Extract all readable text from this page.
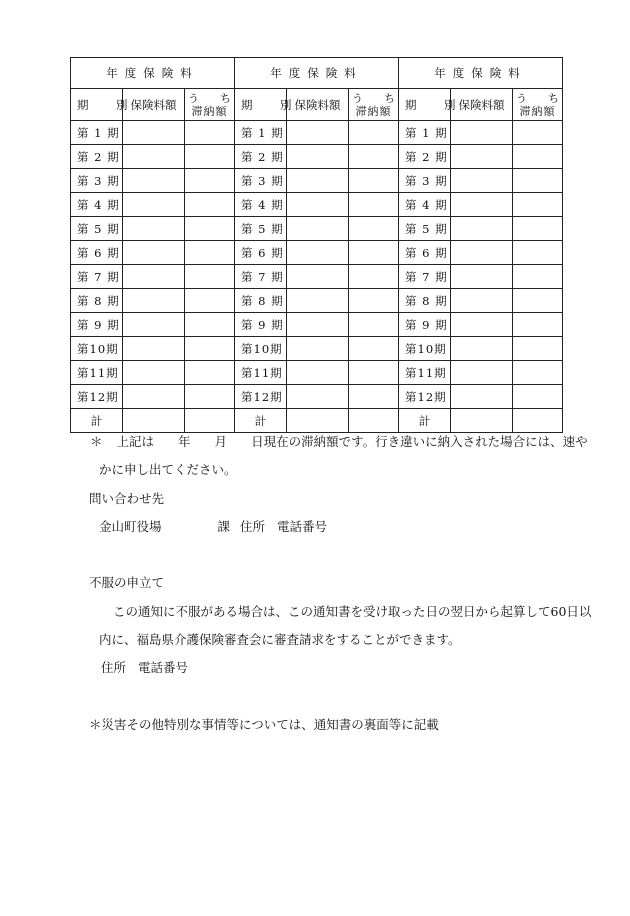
年度保険料		
期　別	保険料額	う ち
滞納額

第 1 期		
第 2 期		
第 3 期		
第 4 期		
第 5 期		
第 6 期		
第 7 期		
第 8 期		
第 9 期		
第10期		
第11期		
第12期		
計		
年度保険料		
期　別	保険料額	う ち
滞納額

第 1 期		
第 2 期		
第 3 期		
第 4 期		
第 5 期		
第 6 期		
第 7 期		
第 8 期		
第 9 期		
第10期		
第11期		
第12期		
計		
年度保険料		
期　別	保険料額	う ち
滞納額

第 1 期		
第 2 期		
第 3 期		
第 4 期		
第 5 期		
第 6 期		
第 7 期		
第 8 期		
第 9 期		
第10期		
第11期		
第12期		
計		
＊ 上記は 年 月 日現在の滞納額です。行き違いに納入された場合には、速や
かに申し出てください。
問い合わせ先
金山町役場	課 住所 電話番号
不服の申立て
この通知に不服がある場合は、この通知書を受け取った日の翌日から起算して60日以
内に、福島県介護保険審査会に審査請求をすることができます。
住所 電話番号
＊災害その他特別な事情等については、通知書の裏面等に記載
